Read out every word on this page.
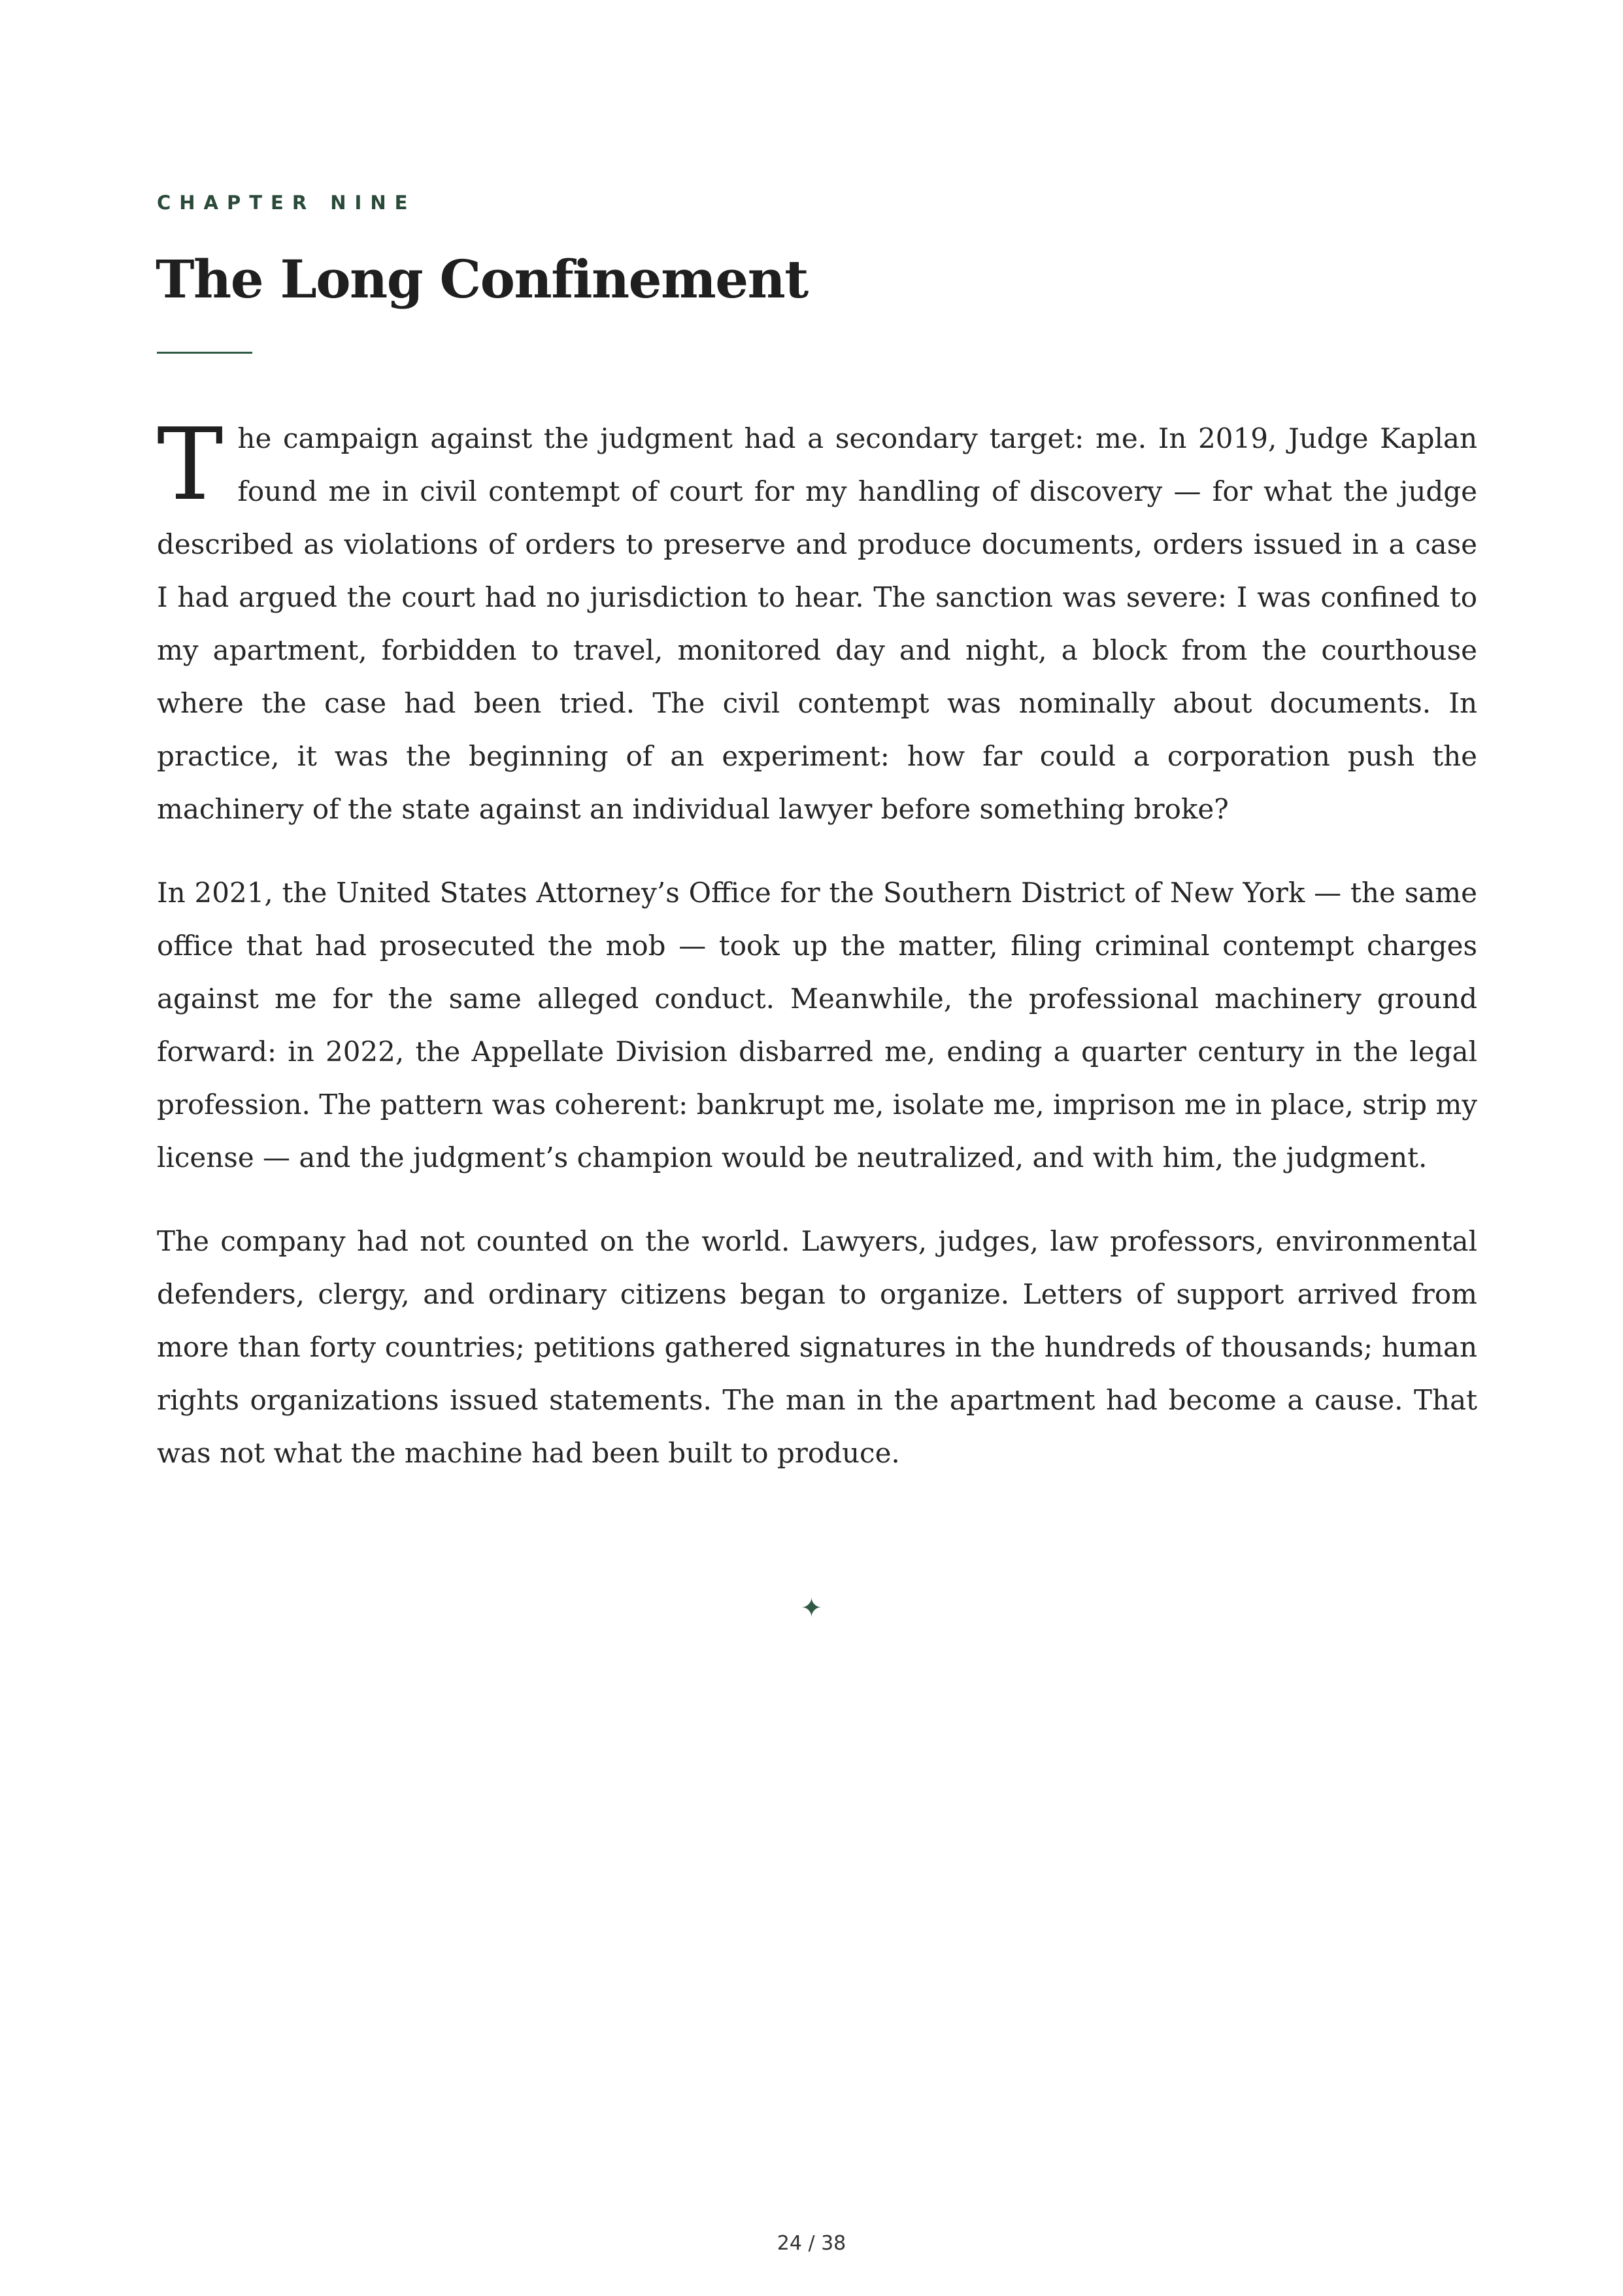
CHAPTER NINE
The Long Confinement

The campaign against the judgment had a secondary target: me. In 2019, Judge Kaplan found me in civil contempt of court for my handling of discovery — for what the judge described as violations of orders to preserve and produce documents, orders issued in a case I had argued the court had no jurisdiction to hear. The sanction was severe: I was confined to my apartment, forbidden to travel, monitored day and night, a block from the courthouse where the case had been tried. The civil contempt was nominally about documents. In practice, it was the beginning of an experiment: how far could a corporation push the machinery of the state against an individual lawyer before something broke?

In 2021, the United States Attorney’s Office for the Southern District of New York — the same office that had prosecuted the mob — took up the matter, filing criminal contempt charges against me for the same alleged conduct. Meanwhile, the professional machinery ground forward: in 2022, the Appellate Division disbarred me, ending a quarter century in the legal profession. The pattern was coherent: bankrupt me, isolate me, imprison me in place, strip my license — and the judgment’s champion would be neutralized, and with him, the judgment.

The company had not counted on the world. Lawyers, judges, law professors, environmental defenders, clergy, and ordinary citizens began to organize. Letters of support arrived from more than forty countries; petitions gathered signatures in the hundreds of thousands; human rights organizations issued statements. The man in the apartment had become a cause. That was not what the machine had been built to produce.

✦
24 / 38
